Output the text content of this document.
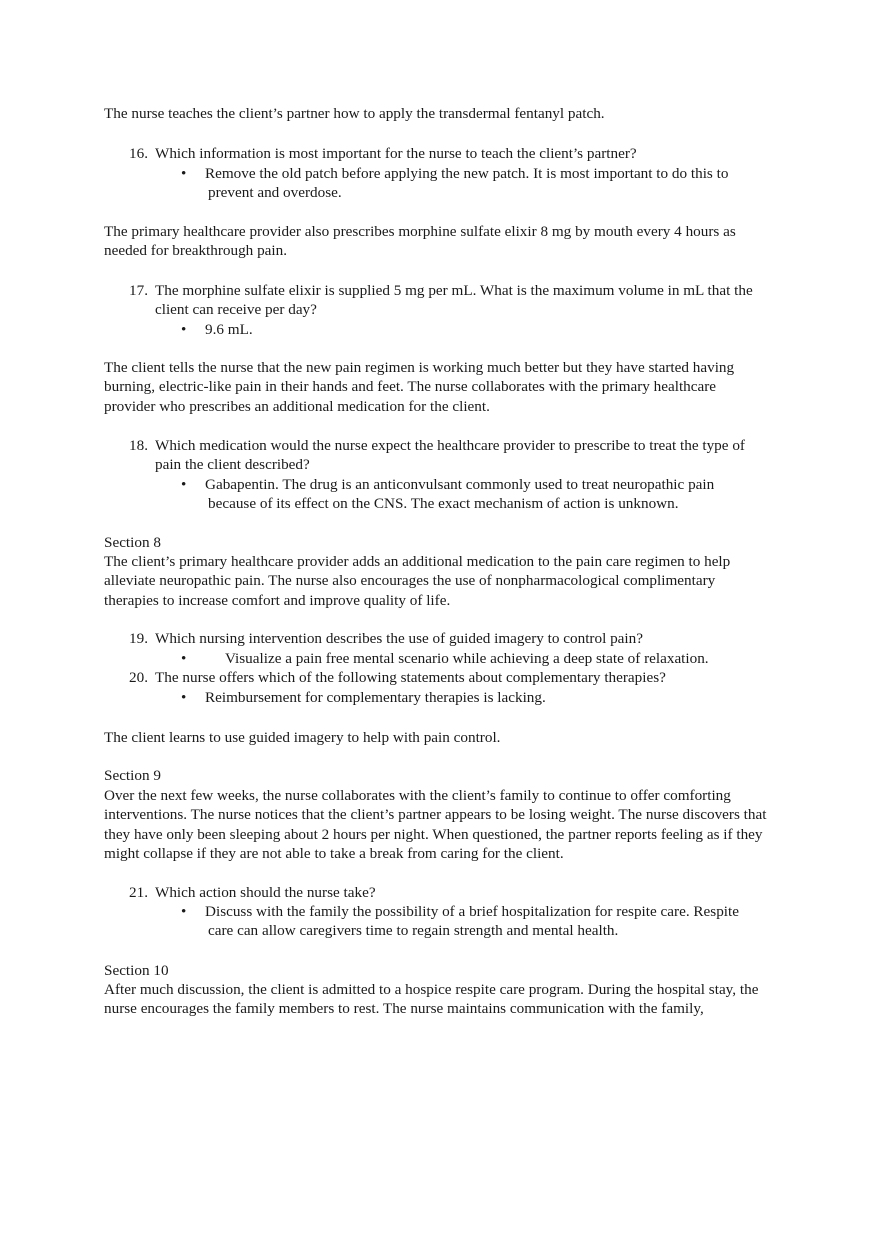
The nurse teaches the client’s partner how to apply the transdermal fentanyl patch.

16. Which information is most important for the nurse to teach the client’s partner?
•	Remove the old patch before applying the new patch. It is most important to do this to
prevent and overdose.

The primary healthcare provider also prescribes morphine sulfate elixir 8 mg by mouth every 4 hours as needed for breakthrough pain.

17. The morphine sulfate elixir is supplied 5 mg per mL. What is the maximum volume in mL that the client can receive per day?
•	9.6 mL.

The client tells the nurse that the new pain regimen is working much better but they have started having burning, electric-like pain in their hands and feet. The nurse collaborates with the primary healthcare provider who prescribes an additional medication for the client.

18. Which medication would the nurse expect the healthcare provider to prescribe to treat the type of pain the client described?
•	Gabapentin. The drug is an anticonvulsant commonly used to treat neuropathic pain
because of its effect on the CNS. The exact mechanism of action is unknown.

Section 8

The client’s primary healthcare provider adds an additional medication to the pain care regimen to help alleviate neuropathic pain. The nurse also encourages the use of nonpharmacological complimentary therapies to increase comfort and improve quality of life.

19. Which nursing intervention describes the use of guided imagery to control pain?
•	Visualize a pain free mental scenario while achieving a deep state of relaxation.
20. The nurse offers which of the following statements about complementary therapies?
•	Reimbursement for complementary therapies is lacking.

The client learns to use guided imagery to help with pain control.

Section 9

Over the next few weeks, the nurse collaborates with the client’s family to continue to offer comforting interventions. The nurse notices that the client’s partner appears to be losing weight. The nurse discovers that they have only been sleeping about 2 hours per night. When questioned, the partner reports feeling as if they might collapse if they are not able to take a break from caring for the client.

21. Which action should the nurse take?
•	Discuss with the family the possibility of a brief hospitalization for respite care. Respite
care can allow caregivers time to regain strength and mental health.

Section 10

After much discussion, the client is admitted to a hospice respite care program. During the hospital stay, the nurse encourages the family members to rest. The nurse maintains communication with the family,
